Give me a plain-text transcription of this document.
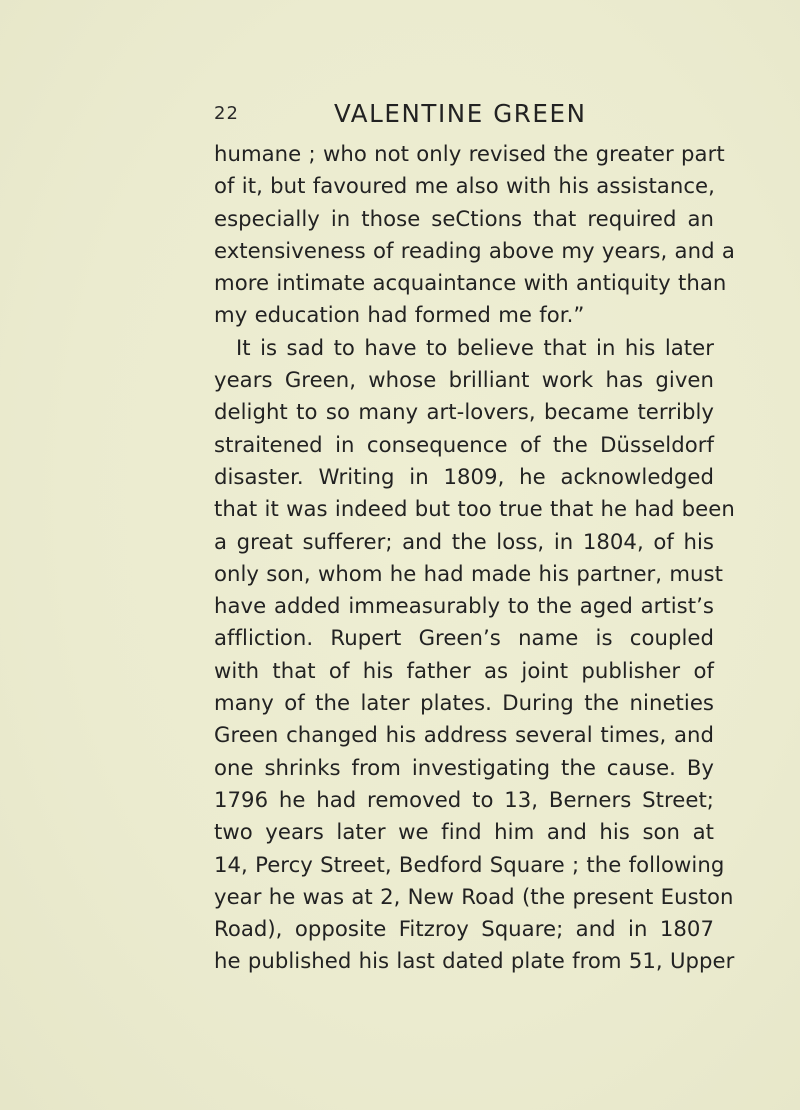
22	VALENTINE GREEN
humane ; who not only revised the greater part
of it, but favoured me also with his assistance,
especially in those seCtions that required an
extensiveness of reading above my years, and a
more intimate acquaintance with antiquity than
my education had formed me for.”
It is sad to have to believe that in his later
years Green, whose brilliant work has given
delight to so many art-lovers, became terribly
straitened in consequence of the Düsseldorf
disaster. Writing in 1809, he acknowledged
that it was indeed but too true that he had been
a great sufferer; and the loss, in 1804, of his
only son, whom he had made his partner, must
have added immeasurably to the aged artist’s
affliction. Rupert Green’s name is coupled
with that of his father as joint publisher of
many of the later plates. During the nineties
Green changed his address several times, and
one shrinks from investigating the cause. By
1796 he had removed to 13, Berners Street;
two years later we find him and his son at
14, Percy Street, Bedford Square ; the following
year he was at 2, New Road (the present Euston
Road), opposite Fitzroy Square; and in 1807
he published his last dated plate from 51, Upper
